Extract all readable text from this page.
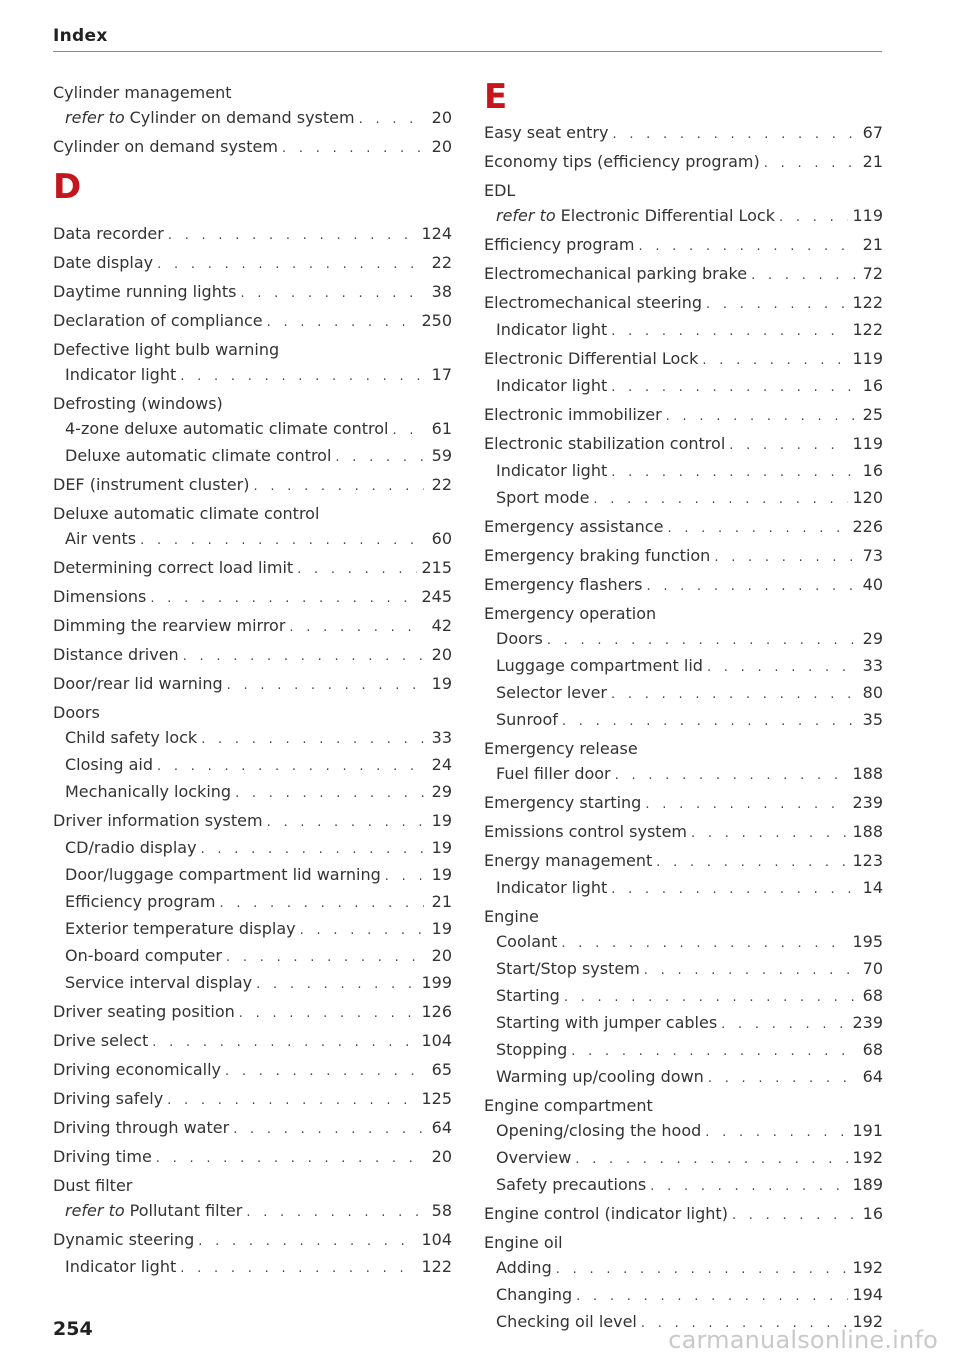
Index
Cylinder management
refer to Cylinder on demand system . . .	20
Cylinder on demand system . . .	20
D
Data recorder . . .	124
Date display . . .	22
Daytime running lights . . .	38
Declaration of compliance . . .	250
Defective light bulb warning
Indicator light . . .	17
Defrosting (windows)
4-zone deluxe automatic climate control . . .	61
Deluxe automatic climate control . . .	59
DEF (instrument cluster) . . .	22
Deluxe automatic climate control
Air vents . . .	60
Determining correct load limit . . .	215
Dimensions . . .	245
Dimming the rearview mirror . . .	42
Distance driven . . .	20
Door/rear lid warning . . .	19
Doors
Child safety lock . . .	33
Closing aid . . .	24
Mechanically locking . . .	29
Driver information system . . .	19
CD/radio display . . .	19
Door/luggage compartment lid warning . . .	19
Efficiency program . . .	21
Exterior temperature display . . .	19
On-board computer . . .	20
Service interval display . . .	199
Driver seating position . . .	126
Drive select . . .	104
Driving economically . . .	65
Driving safely . . .	125
Driving through water . . .	64
Driving time . . .	20
Dust filter
refer to Pollutant filter . . .	58
Dynamic steering . . .	104
Indicator light . . .	122
E
Easy seat entry . . .	67
Economy tips (efficiency program) . . .	21
EDL
refer to Electronic Differential Lock . . .	119
Efficiency program . . .	21
Electromechanical parking brake . . .	72
Electromechanical steering . . .	122
Indicator light . . .	122
Electronic Differential Lock . . .	119
Indicator light . . .	16
Electronic immobilizer . . .	25
Electronic stabilization control . . .	119
Indicator light . . .	16
Sport mode . . .	120
Emergency assistance . . .	226
Emergency braking function . . .	73
Emergency flashers . . .	40
Emergency operation
Doors . . .	29
Luggage compartment lid . . .	33
Selector lever . . .	80
Sunroof . . .	35
Emergency release
Fuel filler door . . .	188
Emergency starting . . .	239
Emissions control system . . .	188
Energy management . . .	123
Indicator light . . .	14
Engine
Coolant . . .	195
Start/Stop system . . .	70
Starting . . .	68
Starting with jumper cables . . .	239
Stopping . . .	68
Warming up/cooling down . . .	64
Engine compartment
Opening/closing the hood . . .	191
Overview . . .	192
Safety precautions . . .	189
Engine control (indicator light) . . .	16
Engine oil
Adding . . .	192
Changing . . .	194
Checking oil level . . .	192
254	carmanualsonline.info
